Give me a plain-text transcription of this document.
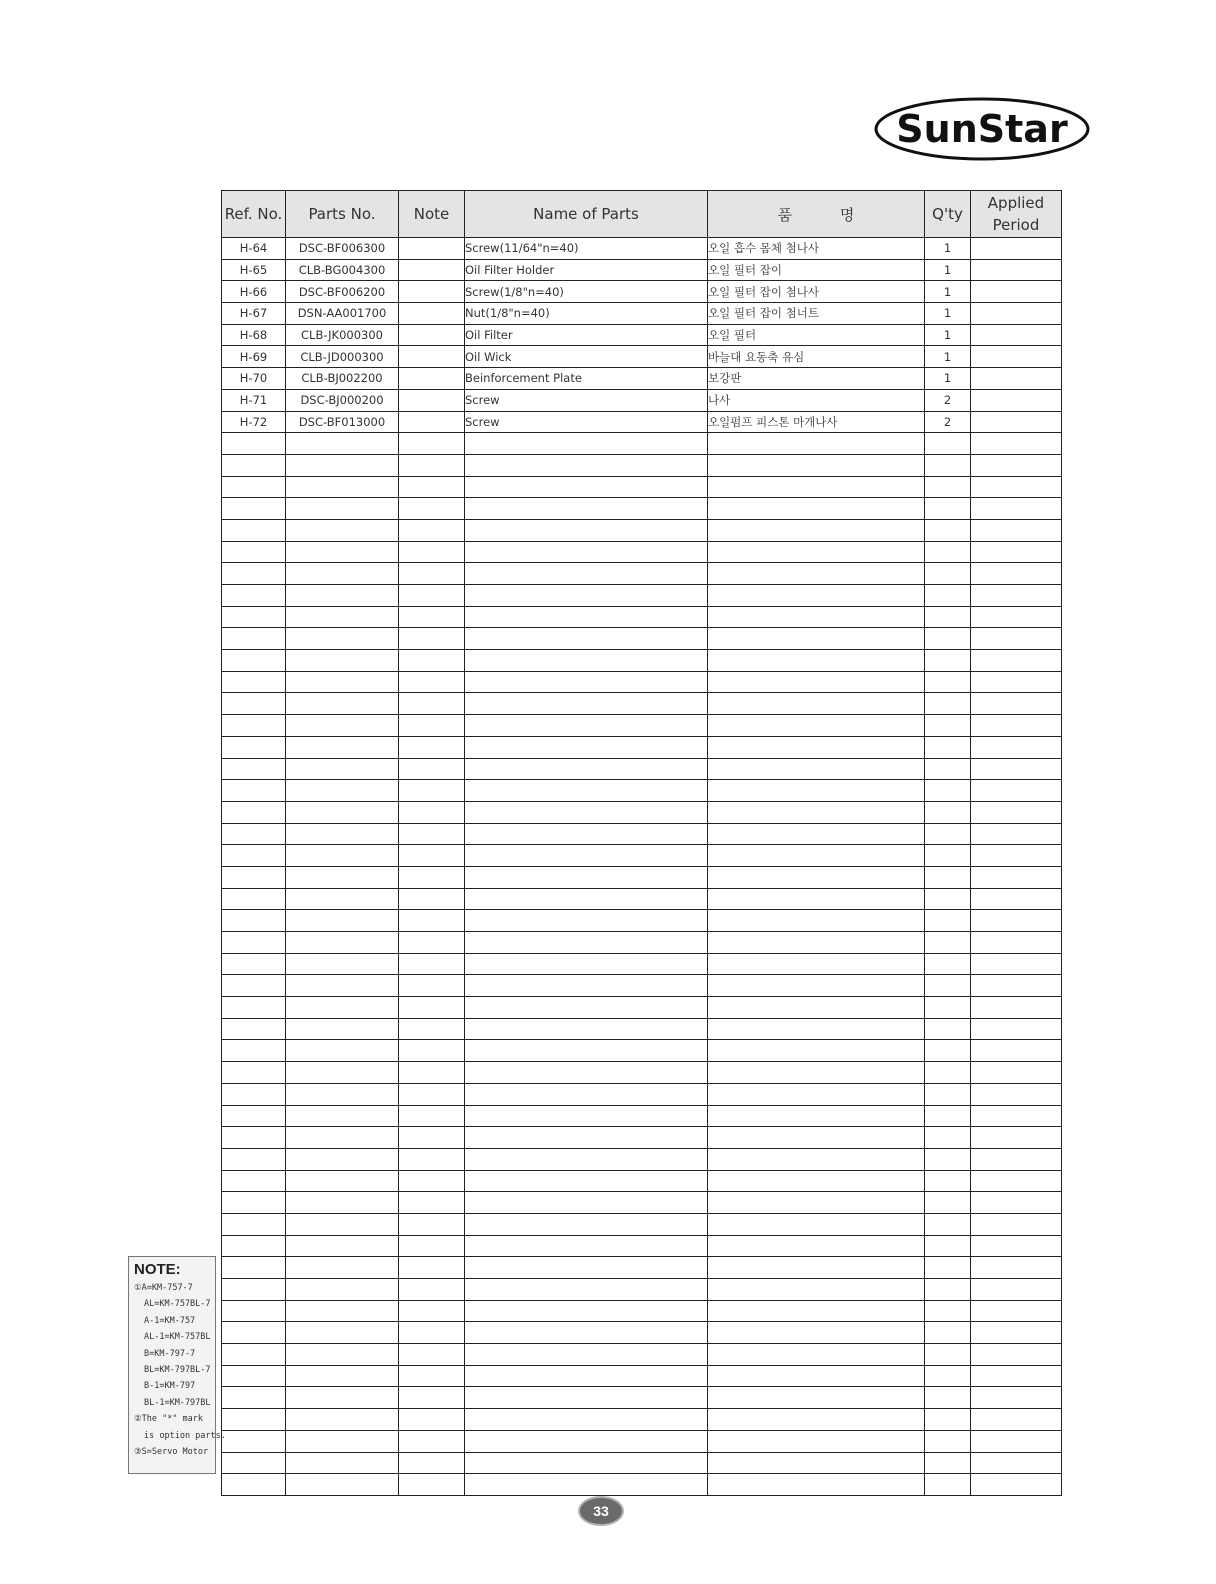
SunStar
Ref. No.	Parts No.	Note	Name of Parts	품          명	Q'ty	Applied Period
H-64	DSC-BF006300		Screw(11/64"n=40)	오일 흡수 몸체 첨나사	1	
H-65	CLB-BG004300		Oil Filter Holder	오일 필터 잡이	1	
H-66	DSC-BF006200		Screw(1/8"n=40)	오일 필터 잡이 첨나사	1	
H-67	DSN-AA001700		Nut(1/8"n=40)	오일 필터 잡이 첨너트	1	
H-68	CLB-JK000300		Oil Filter	오일 필터	1	
H-69	CLB-JD000300		Oil Wick	바늘대 요동축 유심	1	
H-70	CLB-BJ002200		Beinforcement Plate	보강판	1	
H-71	DSC-BJ000200		Screw	나사	2	
H-72	DSC-BF013000		Screw	오일펌프 피스톤 마개나사	2	

NOTE:
①A=KM-757-7
AL=KM-757BL-7
A-1=KM-757
AL-1=KM-757BL
B=KM-797-7
BL=KM-797BL-7
B-1=KM-797
BL-1=KM-797BL
②The "*" mark
is option parts.
③S=Servo Motor
33
